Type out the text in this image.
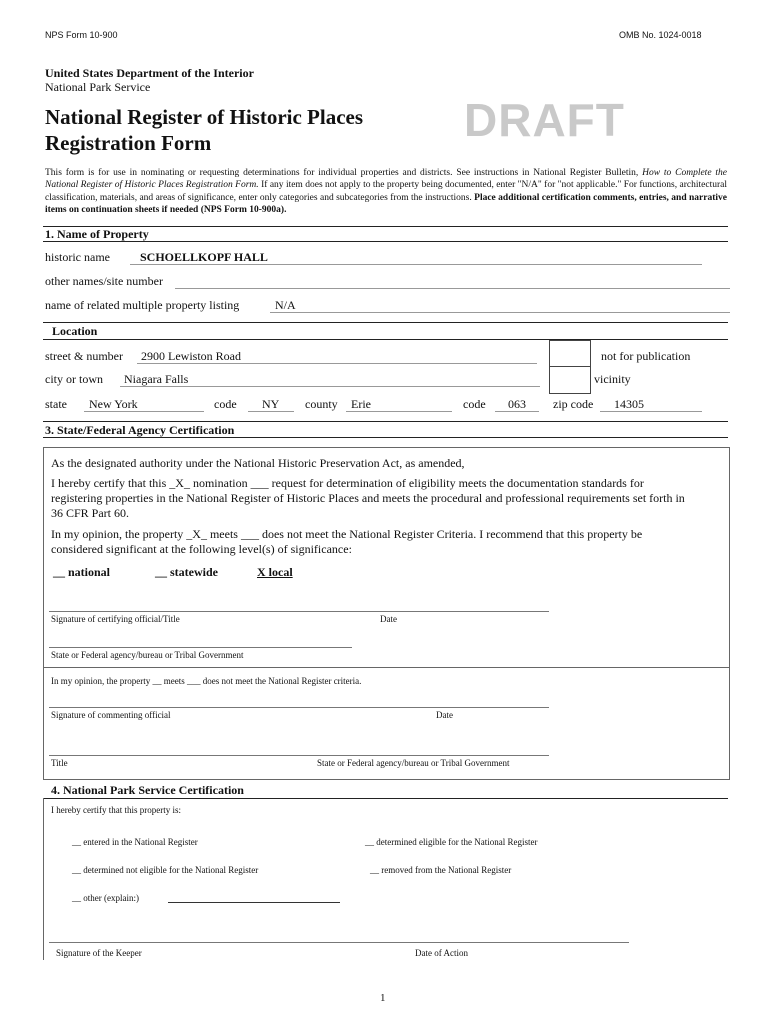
NPS Form 10-900	OMB No. 1024-0018
United States Department of the Interior
National Park Service
National Register of Historic Places
Registration Form	DRAFT
This form is for use in nominating or requesting determinations for individual properties and districts. See instructions in National Register Bulletin, How to Complete the National Register of Historic Places Registration Form. If any item does not apply to the property being documented, enter "N/A" for "not applicable." For functions, architectural classification, materials, and areas of significance, enter only categories and subcategories from the instructions. Place additional certification comments, entries, and narrative items on continuation sheets if needed (NPS Form 10-900a).
1. Name of Property
historic name	SCHOELLKOPF HALL
other names/site number
name of related multiple property listing	N/A
Location
street & number 2900 Lewiston Road	not for publication
city or town Niagara Falls	vicinity
state New York	code NY county Erie	code 063 zip code 14305
3. State/Federal Agency Certification
As the designated authority under the National Historic Preservation Act, as amended,
I hereby certify that this _X_ nomination ___ request for determination of eligibility meets the documentation standards for
registering properties in the National Register of Historic Places and meets the procedural and professional requirements set forth in
36 CFR Part 60.
In my opinion, the property _X_ meets ___ does not meet the National Register Criteria. I recommend that this property be
considered significant at the following level(s) of significance:
__ national	__ statewide	X local
Signature of certifying official/Title	Date
State or Federal agency/bureau or Tribal Government
In my opinion, the property __ meets ___ does not meet the National Register criteria.
Signature of commenting official	Date
Title	State or Federal agency/bureau or Tribal Government
4. National Park Service Certification
I hereby certify that this property is:
__ entered in the National Register	__ determined eligible for the National Register
__ determined not eligible for the National Register	__ removed from the National Register
__ other (explain:)
Signature of the Keeper	Date of Action
1
